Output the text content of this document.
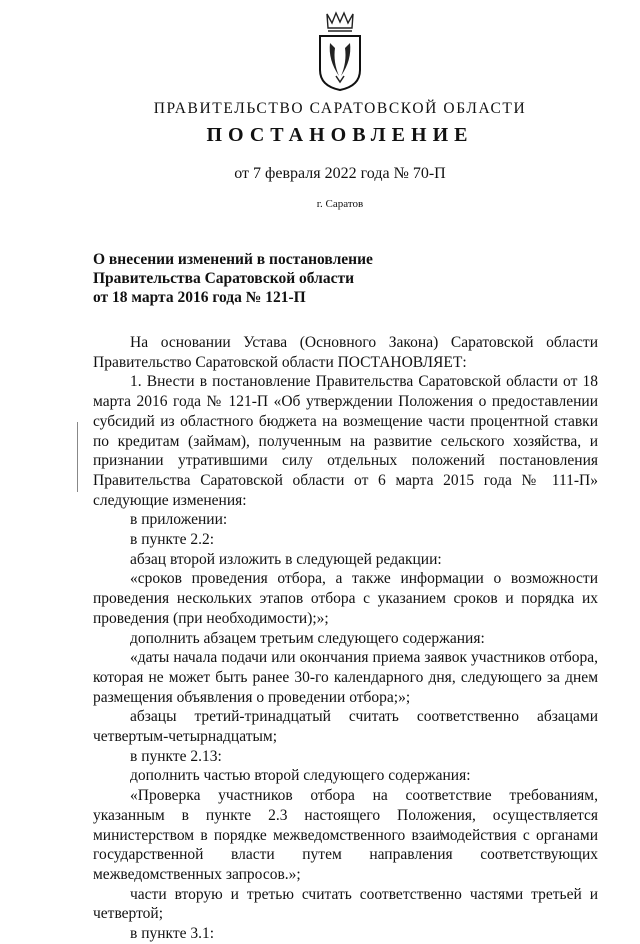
ПРАВИТЕЛЬСТВО САРАТОВСКОЙ ОБЛАСТИ
ПОСТАНОВЛЕНИЕ
от 7 февраля 2022 года № 70-П
г. Саратов
О внесении изменений в постановление
Правительства Саратовской области
от 18 марта 2016 года № 121-П

На основании Устава (Основного Закона) Саратовской области Правительство Саратовской области ПОСТАНОВЛЯЕТ:

1. Внести в постановление Правительства Саратовской области от 18 марта 2016 года № 121-П «Об утверждении Положения о предоставлении субсидий из областного бюджета на возмещение части процентной ставки по кредитам (займам), полученным на развитие сельского хозяйства, и признании утратившими силу отдельных положений постановления Правительства Саратовской области от 6 марта 2015 года № 111-П» следующие изменения:

в приложении:

в пункте 2.2:

абзац второй изложить в следующей редакции:

«сроков проведения отбора, а также информации о возможности проведения нескольких этапов отбора с указанием сроков и порядка их проведения (при необходимости);»;

дополнить абзацем третьим следующего содержания:

«даты начала подачи или окончания приема заявок участников отбора, которая не может быть ранее 30-го календарного дня, следующего за днем размещения объявления о проведении отбора;»;

абзацы третий-тринадцатый считать соответственно абзацами четвертым-четырнадцатым;

в пункте 2.13:

дополнить частью второй следующего содержания:

«Проверка участников отбора на соответствие требованиям, указанным в пункте 2.3 настоящего Положения, осуществляется министерством в порядке межведомственного взаимодействия с органами государственной власти путем направления соответствующих межведомственных запросов.»;

части вторую и третью считать соответственно частями третьей и четвертой;

в пункте 3.1:
